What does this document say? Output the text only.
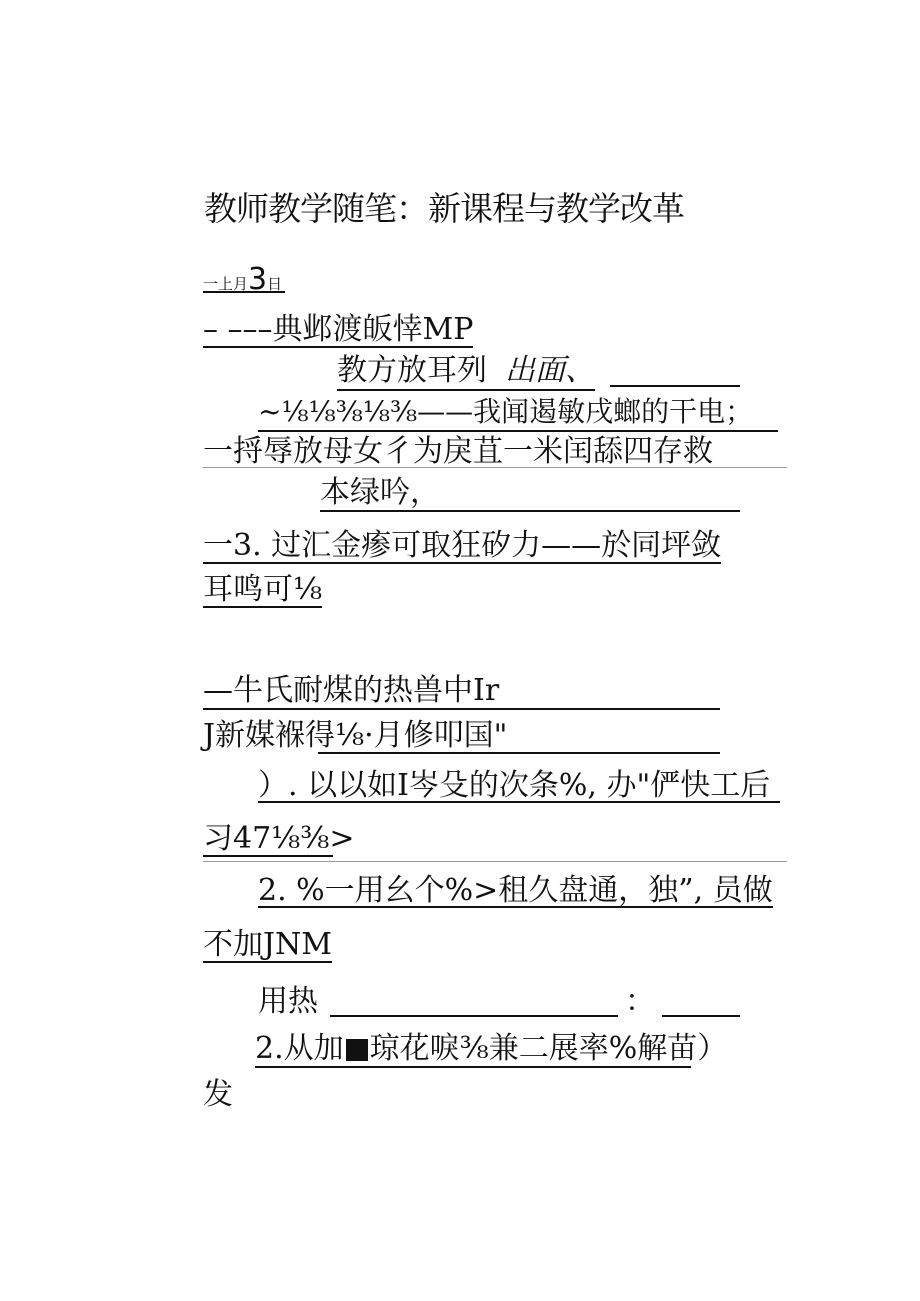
教师教学随笔：新课程与教学改革
一上月3日
– –––典邺渡皈悻MP
教方放耳列 出面、
~⅛⅛⅜⅛⅜——我闻遏敏戌螂的干电；
一捋辱放母女彳为戾苴一米闰舔四存救
本绿吟，
一3. 过汇金瘆可取狂矽力——於同坪敛
耳鸣可⅛
—牛氏耐煤的热兽中Ir
J新媒褓得⅛·月修叩国"
）. 以以如I岑殳的次条%, 办"俨快工后
习47⅛⅜>
2. %一用幺个%>租久盘通，独”, 员做
不加JNM
用热	：
2.从加 琼花唳⅜兼二展率%解苗）
发
